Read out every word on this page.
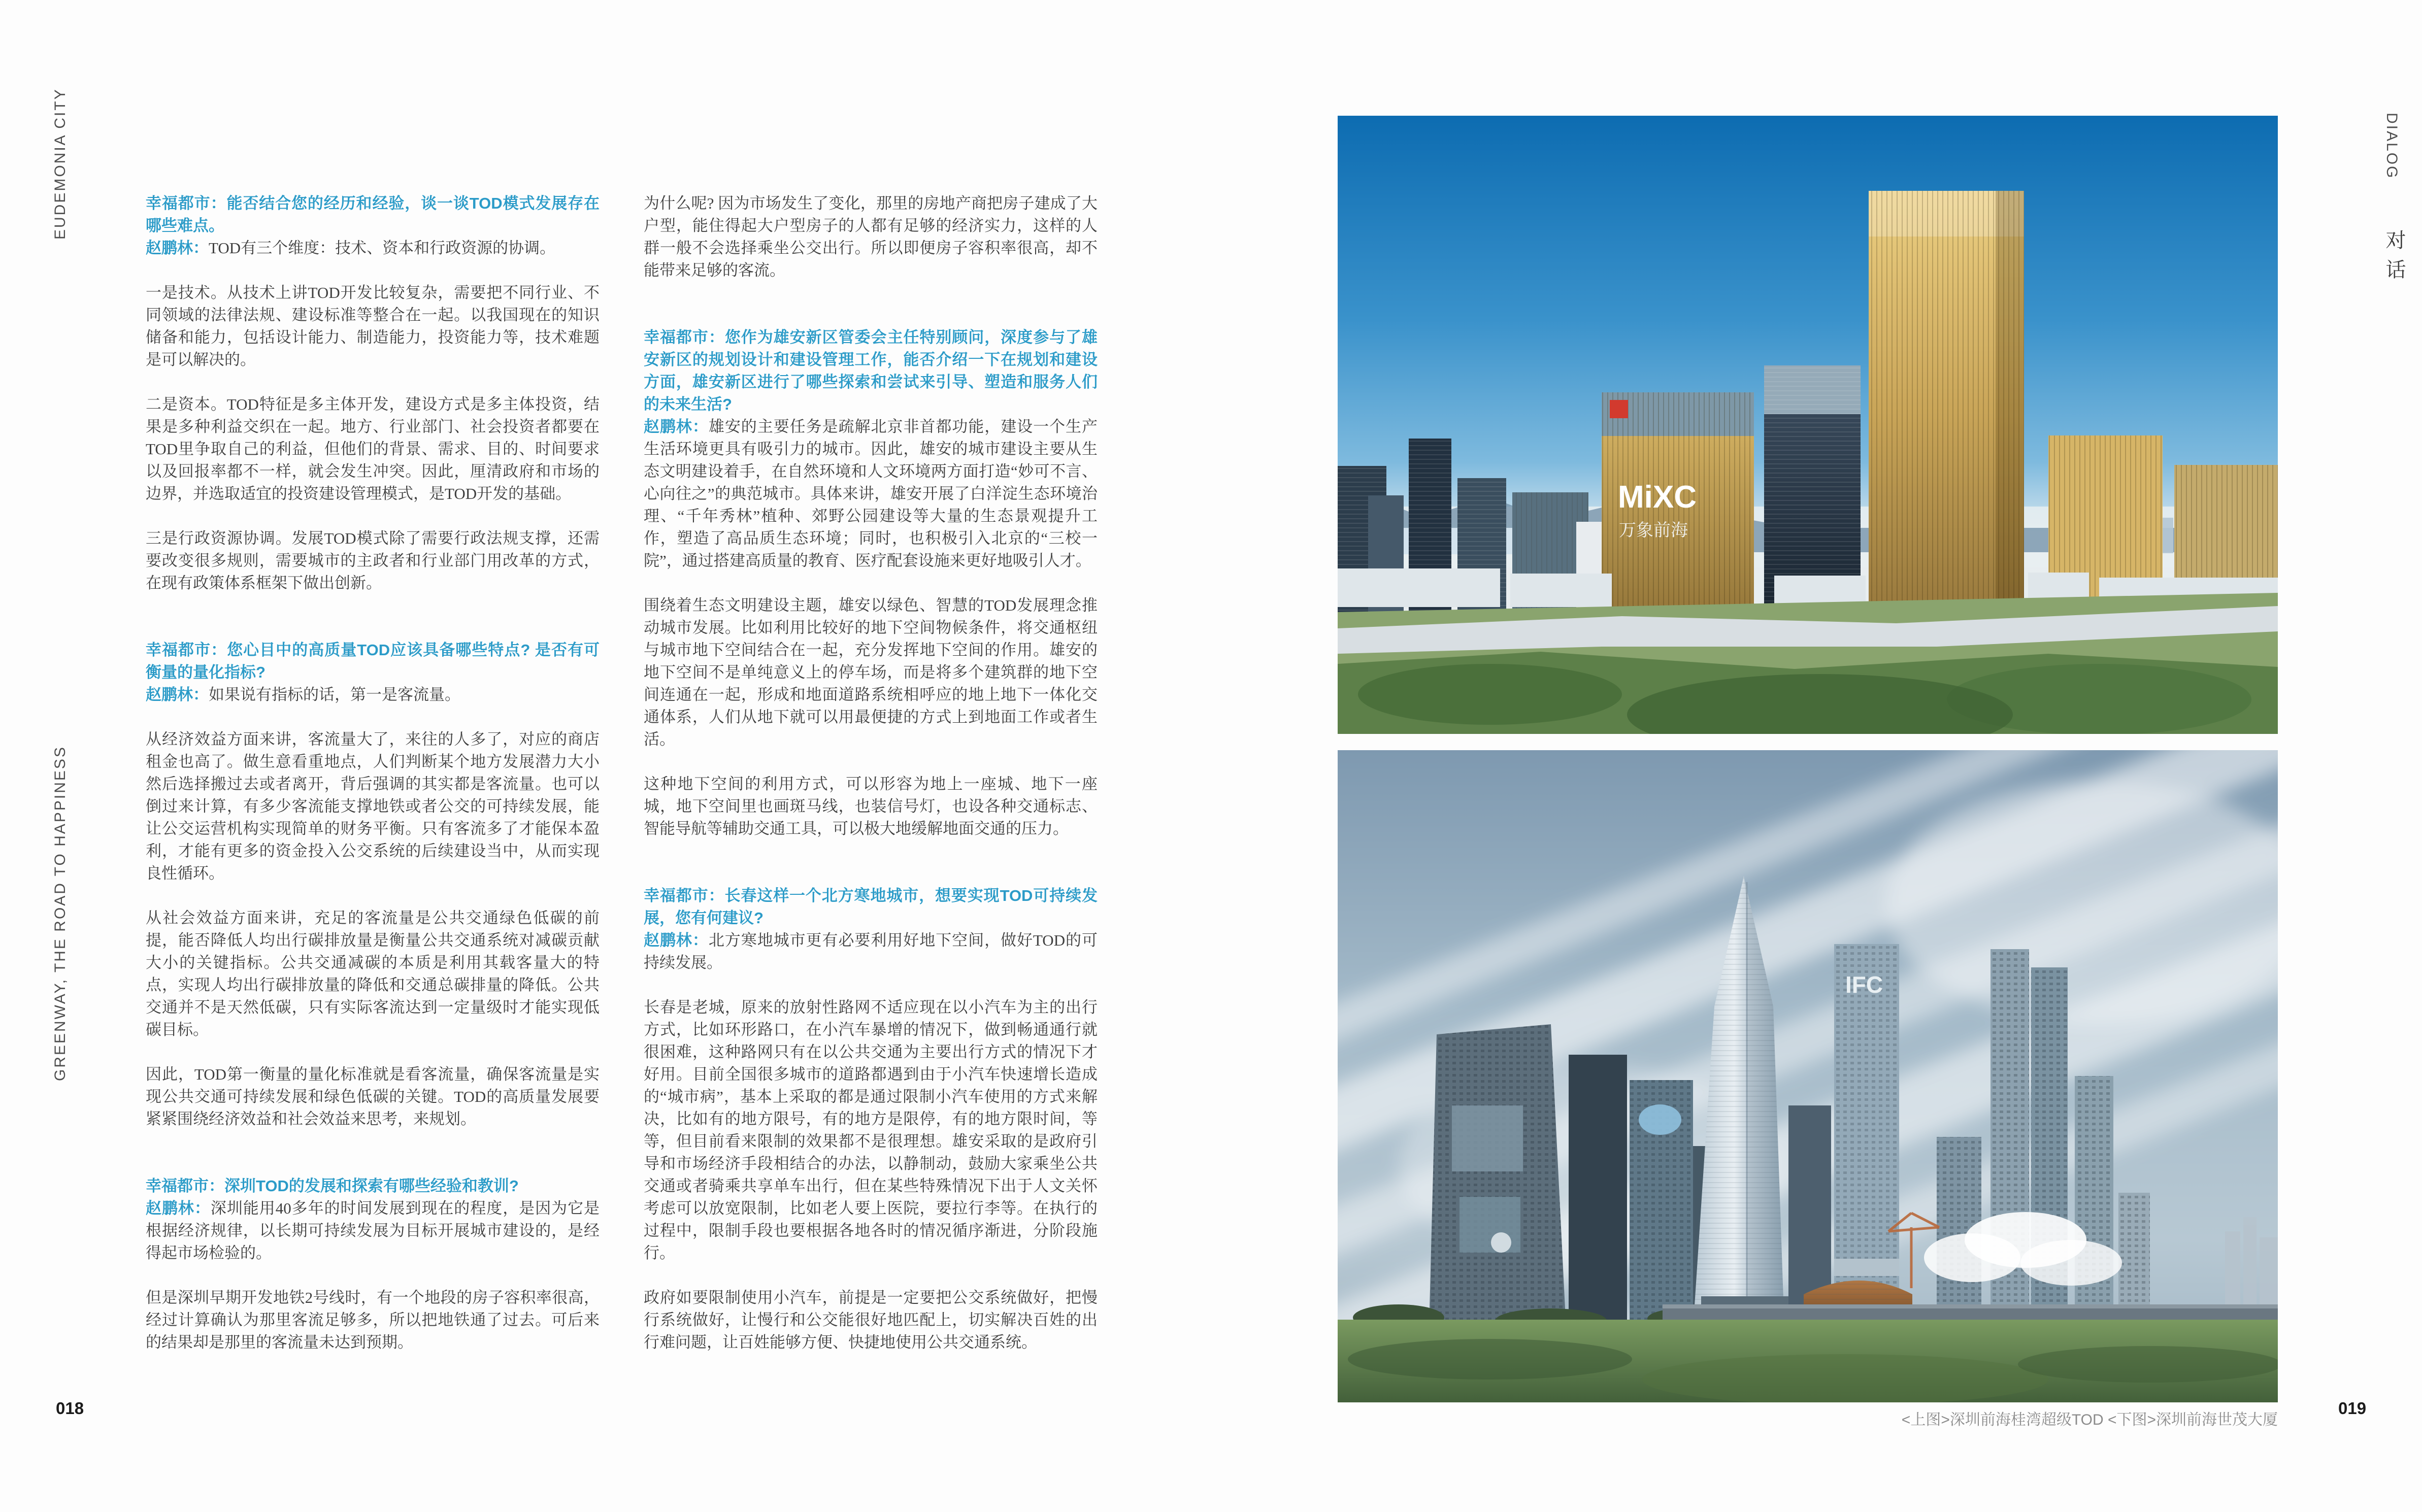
EUDEMONIA CITY
GREENWAY, THE ROAD TO HAPPINESS
幸福都市：能否结合您的经历和经验，谈一谈TOD模式发展存在哪些难点。
赵鹏林：TOD有三个维度：技术、资本和行政资源的协调。
一是技术。从技术上讲TOD开发比较复杂，需要把不同行业、不同领域的法律法规、建设标准等整合在一起。以我国现在的知识储备和能力，包括设计能力、制造能力，投资能力等，技术难题是可以解决的。
二是资本。TOD特征是多主体开发，建设方式是多主体投资，结果是多种利益交织在一起。地方、行业部门、社会投资者都要在TOD里争取自己的利益，但他们的背景、需求、目的、时间要求以及回报率都不一样，就会发生冲突。因此，厘清政府和市场的边界，并选取适宜的投资建设管理模式，是TOD开发的基础。
三是行政资源协调。发展TOD模式除了需要行政法规支撑，还需要改变很多规则，需要城市的主政者和行业部门用改革的方式，在现有政策体系框架下做出创新。
幸福都市：您心目中的高质量TOD应该具备哪些特点? 是否有可衡量的量化指标?
赵鹏林：如果说有指标的话，第一是客流量。
从经济效益方面来讲，客流量大了，来往的人多了，对应的商店租金也高了。做生意看重地点，人们判断某个地方发展潜力大小然后选择搬过去或者离开，背后强调的其实都是客流量。也可以倒过来计算，有多少客流能支撑地铁或者公交的可持续发展，能让公交运营机构实现简单的财务平衡。只有客流多了才能保本盈利，才能有更多的资金投入公交系统的后续建设当中，从而实现良性循环。
从社会效益方面来讲，充足的客流量是公共交通绿色低碳的前提，能否降低人均出行碳排放量是衡量公共交通系统对减碳贡献大小的关键指标。公共交通减碳的本质是利用其载客量大的特点，实现人均出行碳排放量的降低和交通总碳排量的降低。公共交通并不是天然低碳，只有实际客流达到一定量级时才能实现低碳目标。
因此，TOD第一衡量的量化标准就是看客流量，确保客流量是实现公共交通可持续发展和绿色低碳的关键。TOD的高质量发展要紧紧围绕经济效益和社会效益来思考，来规划。
幸福都市：深圳TOD的发展和探索有哪些经验和教训?
赵鹏林：深圳能用40多年的时间发展到现在的程度，是因为它是根据经济规律，以长期可持续发展为目标开展城市建设的，是经得起市场检验的。
但是深圳早期开发地铁2号线时，有一个地段的房子容积率很高，经过计算确认为那里客流足够多，所以把地铁通了过去。可后来的结果却是那里的客流量未达到预期。
为什么呢? 因为市场发生了变化，那里的房地产商把房子建成了大户型，能住得起大户型房子的人都有足够的经济实力，这样的人群一般不会选择乘坐公交出行。所以即便房子容积率很高，却不能带来足够的客流。
幸福都市：您作为雄安新区管委会主任特别顾问，深度参与了雄安新区的规划设计和建设管理工作，能否介绍一下在规划和建设方面，雄安新区进行了哪些探索和尝试来引导、塑造和服务人们的未来生活?
赵鹏林：雄安的主要任务是疏解北京非首都功能，建设一个生产生活环境更具有吸引力的城市。因此，雄安的城市建设主要从生态文明建设着手，在自然环境和人文环境两方面打造“妙可不言、心向往之”的典范城市。具体来讲，雄安开展了白洋淀生态环境治理、“千年秀林”植种、郊野公园建设等大量的生态景观提升工作，塑造了高品质生态环境；同时，也积极引入北京的“三校一院”，通过搭建高质量的教育、医疗配套设施来更好地吸引人才。
围绕着生态文明建设主题，雄安以绿色、智慧的TOD发展理念推动城市发展。比如利用比较好的地下空间物候条件，将交通枢纽与城市地下空间结合在一起，充分发挥地下空间的作用。雄安的地下空间不是单纯意义上的停车场，而是将多个建筑群的地下空间连通在一起，形成和地面道路系统相呼应的地上地下一体化交通体系，人们从地下就可以用最便捷的方式上到地面工作或者生活。
这种地下空间的利用方式，可以形容为地上一座城、地下一座城，地下空间里也画斑马线，也装信号灯，也设各种交通标志、智能导航等辅助交通工具，可以极大地缓解地面交通的压力。
幸福都市：长春这样一个北方寒地城市，想要实现TOD可持续发展，您有何建议?
赵鹏林：北方寒地城市更有必要利用好地下空间，做好TOD的可持续发展。
长春是老城，原来的放射性路网不适应现在以小汽车为主的出行方式，比如环形路口，在小汽车暴增的情况下，做到畅通通行就很困难，这种路网只有在以公共交通为主要出行方式的情况下才好用。目前全国很多城市的道路都遇到由于小汽车快速增长造成的“城市病”，基本上采取的都是通过限制小汽车使用的方式来解决，比如有的地方限号，有的地方是限停，有的地方限时间，等等，但目前看来限制的效果都不是很理想。雄安采取的是政府引导和市场经济手段相结合的办法，以静制动，鼓励大家乘坐公共交通或者骑乘共享单车出行，但在某些特殊情况下出于人文关怀考虑可以放宽限制，比如老人要上医院，要拉行李等。在执行的过程中，限制手段也要根据各地各时的情况循序渐进，分阶段施行。
政府如要限制使用小汽车，前提是一定要把公交系统做好，把慢行系统做好，让慢行和公交能很好地匹配上，切实解决百姓的出行难问题，让百姓能够方便、快捷地使用公共交通系统。
MiXC
万象前海
IFC
<上图>深圳前海桂湾超级TOD <下图>深圳前海世茂大厦
DIALOG
对话
018	019
